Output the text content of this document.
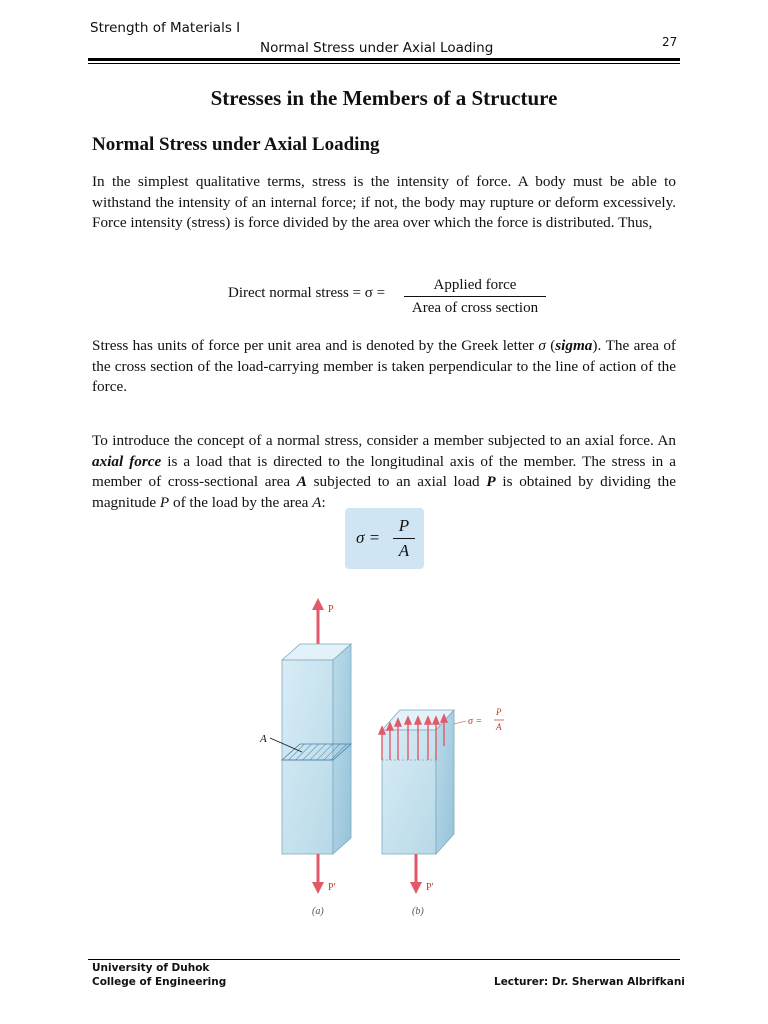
Strength of Materials I
Normal Stress under Axial Loading	27
Stresses in the Members of a Structure
Normal Stress under Axial Loading
In the simplest qualitative terms, stress is the intensity of force. A body must be able to withstand the intensity of an internal force; if not, the body may rupture or deform excessively. Force intensity (stress) is force divided by the area over which the force is distributed. Thus,
Direct normal stress = σ =	Applied force
Area of cross section
Stress has units of force per unit area and is denoted by the Greek letter σ (sigma). The area of the cross section of the load-carrying member is taken perpendicular to the line of action of the force.
To introduce the concept of a normal stress, consider a member subjected to an axial force. An axial force is a load that is directed to the longitudinal axis of the member. The stress in a member of cross-sectional area A subjected to an axial load P is obtained by dividing the magnitude P of the load by the area A:
σ =
P
A
P
A
P′
(a)
σ =
P
A
P′
(b)
University of Duhok
College of Engineering	Lecturer: Dr. Sherwan Albrifkani
